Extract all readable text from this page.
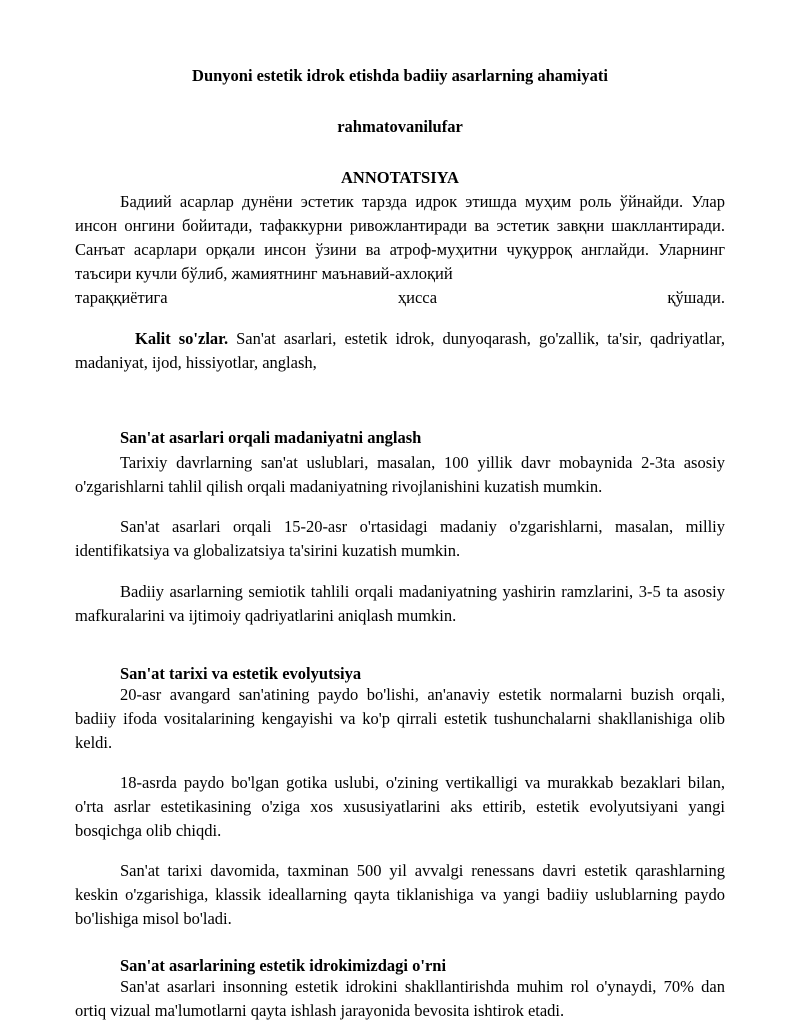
Dunyoni estetik idrok etishda badiiy asarlarning ahamiyati
rahmatovanilufar
ANNOTATSIYA
Бадиий асарлар дунёни эстетик тарзда идрок этишда муҳим роль ўйнайди. Улар инсон онгини бойитади, тафаккурни ривожлантиради ва эстетик завқни шакллантиради. Санъат асарлари орқали инсон ўзини ва атроф-муҳитни чуқурроқ англайди. Уларнинг таъсири кучли бўлиб, жамиятнинг маънавий-ахлоқий
тараққиётига	ҳисса	қўшади.
Kalit so'zlar. San'at asarlari, estetik idrok, dunyoqarash, go'zallik, ta'sir, qadriyatlar, madaniyat, ijod, hissiyotlar, anglash,
San'at asarlari orqali madaniyatni anglash
Tarixiy davrlarning san'at uslublari, masalan, 100 yillik davr mobaynida 2-3ta asosiy o'zgarishlarni tahlil qilish orqali madaniyatning rivojlanishini kuzatish mumkin.
San'at asarlari orqali 15-20-asr o'rtasidagi madaniy o'zgarishlarni, masalan, milliy identifikatsiya va globalizatsiya ta'sirini kuzatish mumkin.
Badiiy asarlarning semiotik tahlili orqali madaniyatning yashirin ramzlarini, 3-5 ta asosiy mafkuralarini va ijtimoiy qadriyatlarini aniqlash mumkin.
San'at tarixi va estetik evolyutsiya
20-asr avangard san'atining paydo bo'lishi, an'anaviy estetik normalarni buzish orqali, badiiy ifoda vositalarining kengayishi va ko'p qirrali estetik tushunchalarni shakllanishiga olib keldi.
18-asrda paydo bo'lgan gotika uslubi, o'zining vertikalligi va murakkab bezaklari bilan, o'rta asrlar estetikasining o'ziga xos xususiyatlarini aks ettirib, estetik evolyutsiyani yangi bosqichga olib chiqdi.
San'at tarixi davomida, taxminan 500 yil avvalgi renessans davri estetik qarashlarning keskin o'zgarishiga, klassik ideallarning qayta tiklanishiga va yangi badiiy uslublarning paydo bo'lishiga misol bo'ladi.
San'at asarlarining estetik idrokimizdagi o'rni
San'at asarlari insonning estetik idrokini shakllantirishda muhim rol o'ynaydi, 70% dan ortiq vizual ma'lumotlarni qayta ishlash jarayonida bevosita ishtirok etadi.
